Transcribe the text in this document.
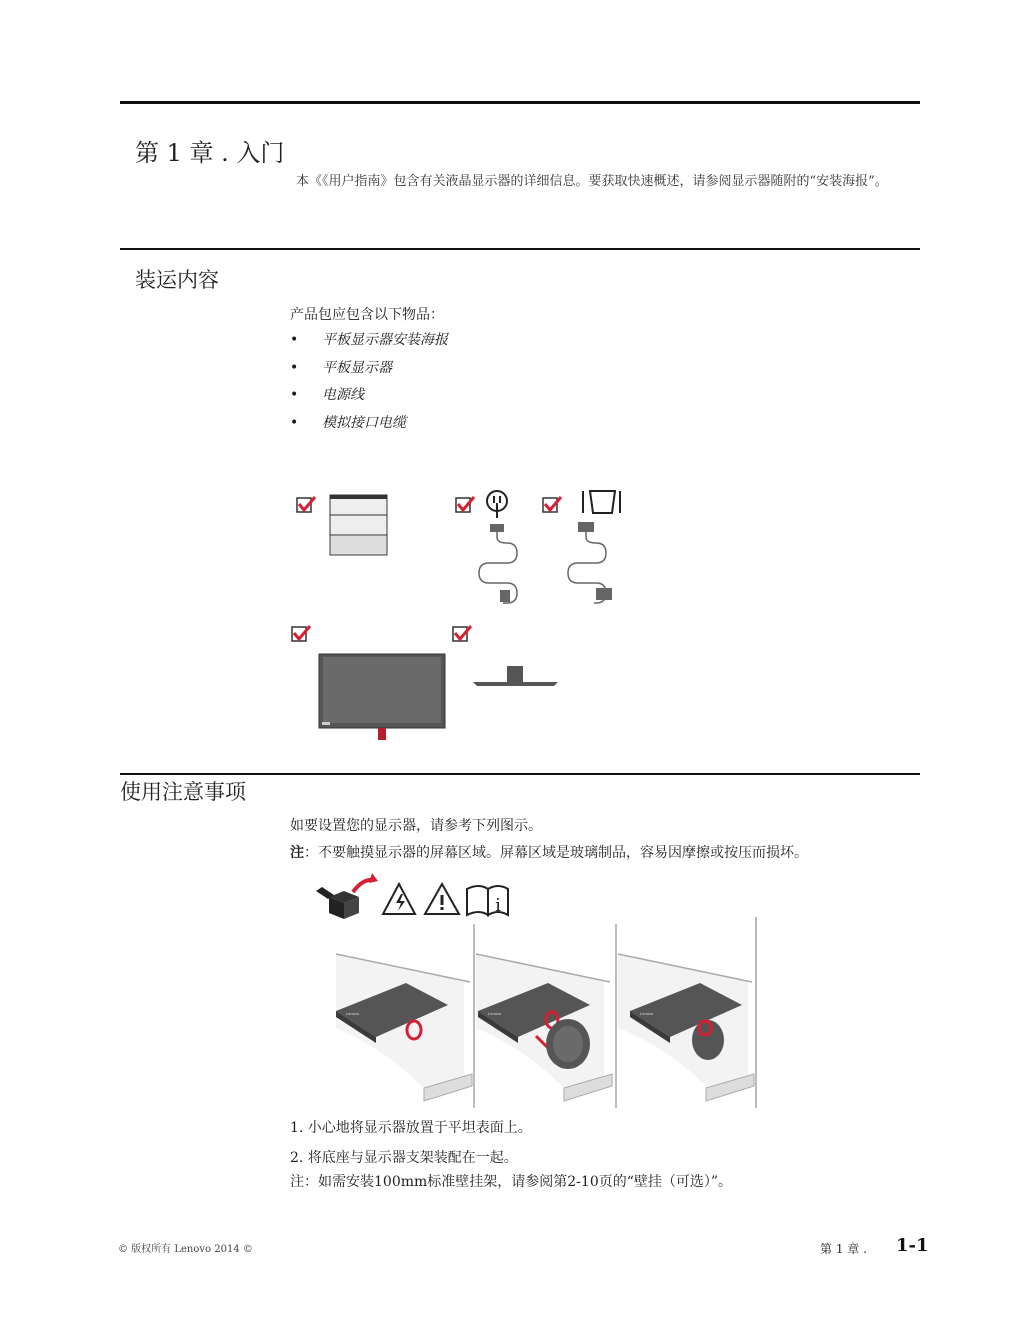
第 1 章 . 入门
本《《用户指南》包含有关液晶显示器的详细信息。要获取快速概述，请参阅显示器随附的“安装海报”。
装运内容
产品包应包含以下物品：
• 平板显示器安装海报
• 平板显示器
• 电源线
• 模拟接口电缆
使用注意事项
如要设置您的显示器，请参考下列图示。
注：不要触摸显示器的屏幕区域。屏幕区域是玻璃制品，容易因摩擦或按压而损坏。
i
Lenovo	Lenovo	Lenovo
1. 小心地将显示器放置于平坦表面上。
2. 将底座与显示器支架装配在一起。
注：如需安装100mm标准壁挂架，请参阅第2-10页的“壁挂（可选）”。
© 版权所有 Lenovo 2014 ©	第 1 章 . 1-1
